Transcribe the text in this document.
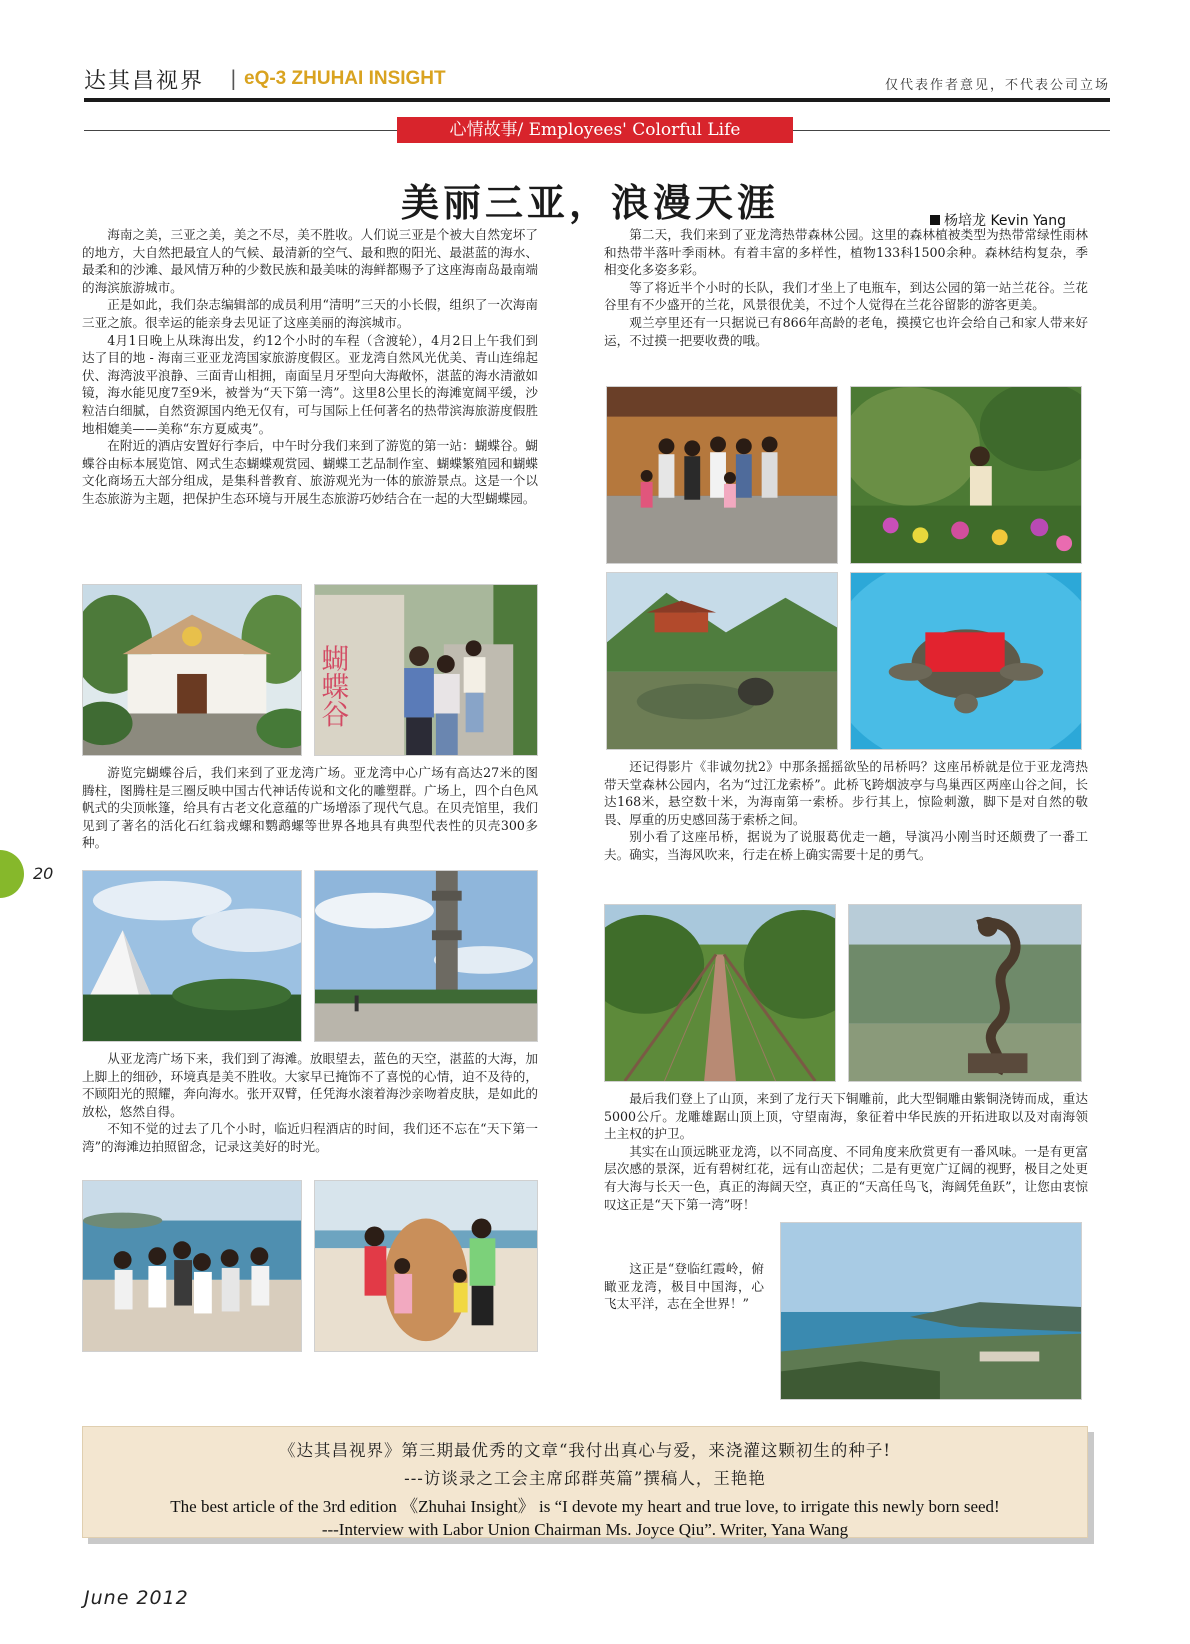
达其昌视界 | eQ-3 ZHUHAI INSIGHT	仅代表作者意见，不代表公司立场
心情故事/ Employees' Colorful Life
美丽三亚，浪漫天涯	杨培龙 Kevin Yang

海南之美，三亚之美，美之不尽，美不胜收。人们说三亚是个被大自然宠坏了的地方，大自然把最宜人的气候、最清新的空气、最和煦的阳光、最湛蓝的海水、最柔和的沙滩、最风情万种的少数民族和最美味的海鲜都赐予了这座海南岛最南端的海滨旅游城市。

正是如此，我们杂志编辑部的成员利用“清明”三天的小长假，组织了一次海南三亚之旅。很幸运的能亲身去见证了这座美丽的海滨城市。

4月1日晚上从珠海出发，约12个小时的车程（含渡轮），4月2日上午我们到达了目的地 - 海南三亚亚龙湾国家旅游度假区。亚龙湾自然风光优美、青山连绵起伏、海湾波平浪静、三面青山相拥，南面呈月牙型向大海敞怀，湛蓝的海水清澈如镜，海水能见度7至9米，被誉为“天下第一湾”。这里8公里长的海滩宽阔平缓，沙粒洁白细腻，自然资源国内绝无仅有，可与国际上任何著名的热带滨海旅游度假胜地相媲美——美称“东方夏威夷”。

在附近的酒店安置好行李后，中午时分我们来到了游览的第一站：蝴蝶谷。蝴蝶谷由标本展览馆、网式生态蝴蝶观赏园、蝴蝶工艺品制作室、蝴蝶繁殖园和蝴蝶文化商场五大部分组成，是集科普教育、旅游观光为一体的旅游景点。这是一个以生态旅游为主题，把保护生态环境与开展生态旅游巧妙结合在一起的大型蝴蝶园。

蝴蝶谷

游览完蝴蝶谷后，我们来到了亚龙湾广场。亚龙湾中心广场有高达27米的图腾柱，图腾柱是三圈反映中国古代神话传说和文化的雕塑群。广场上，四个白色风帆式的尖顶帐篷，给具有古老文化意蕴的广场增添了现代气息。在贝壳馆里，我们见到了著名的活化石红翁戎螺和鹦鹉螺等世界各地具有典型代表性的贝壳300多种。

从亚龙湾广场下来，我们到了海滩。放眼望去，蓝色的天空，湛蓝的大海，加上脚上的细砂，环境真是美不胜收。大家早已掩饰不了喜悦的心情，迫不及待的，不顾阳光的照耀，奔向海水。张开双臂，任凭海水滚着海沙亲吻着皮肤，是如此的放松，悠然自得。

不知不觉的过去了几个小时，临近归程酒店的时间，我们还不忘在“天下第一湾”的海滩边拍照留念，记录这美好的时光。

第二天，我们来到了亚龙湾热带森林公园。这里的森林植被类型为热带常绿性雨林和热带半落叶季雨林。有着丰富的多样性，植物133科1500余种。森林结构复杂，季相变化多姿多彩。

等了将近半个小时的长队，我们才坐上了电瓶车，到达公园的第一站兰花谷。兰花谷里有不少盛开的兰花，风景很优美，不过个人觉得在兰花谷留影的游客更美。

观兰亭里还有一只据说已有866年高龄的老龟，摸摸它也许会给自己和家人带来好运，不过摸一把要收费的哦。

还记得影片《非诚勿扰2》中那条摇摇欲坠的吊桥吗？这座吊桥就是位于亚龙湾热带天堂森林公园内，名为“过江龙索桥”。此桥飞跨烟波亭与鸟巢西区两座山谷之间，长达168米，悬空数十米，为海南第一索桥。步行其上，惊险刺激，脚下是对自然的敬畏、厚重的历史感回荡于索桥之间。

别小看了这座吊桥，据说为了说服葛优走一趟，导演冯小刚当时还颇费了一番工夫。确实，当海风吹来，行走在桥上确实需要十足的勇气。

最后我们登上了山顶，来到了龙行天下铜雕前，此大型铜雕由紫铜浇铸而成，重达5000公斤。龙雕雄踞山顶上顶，守望南海，象征着中华民族的开拓进取以及对南海领土主权的护卫。

其实在山顶远眺亚龙湾，以不同高度、不同角度来欣赏更有一番风味。一是有更富层次感的景深，近有碧树红花，远有山峦起伏；二是有更宽广辽阔的视野，极目之处更有大海与长天一色，真正的海阔天空，真正的“天高任鸟飞，海阔凭鱼跃”，让您由衷惊叹这正是“天下第一湾”呀！

这正是“登临红霞岭，俯瞰亚龙湾，极目中国海，心飞太平洋，志在全世界！”

20
《达其昌视界》第三期最优秀的文章“我付出真心与爱，来浇灌这颗初生的种子!
---访谈录之工会主席邱群英篇”撰稿人，王艳艳
The best article of the 3rd edition 《Zhuhai Insight》 is “I devote my heart and true love, to irrigate this newly born seed!
---Interview with Labor Union Chairman Ms. Joyce Qiu”. Writer, Yana Wang
June 2012
